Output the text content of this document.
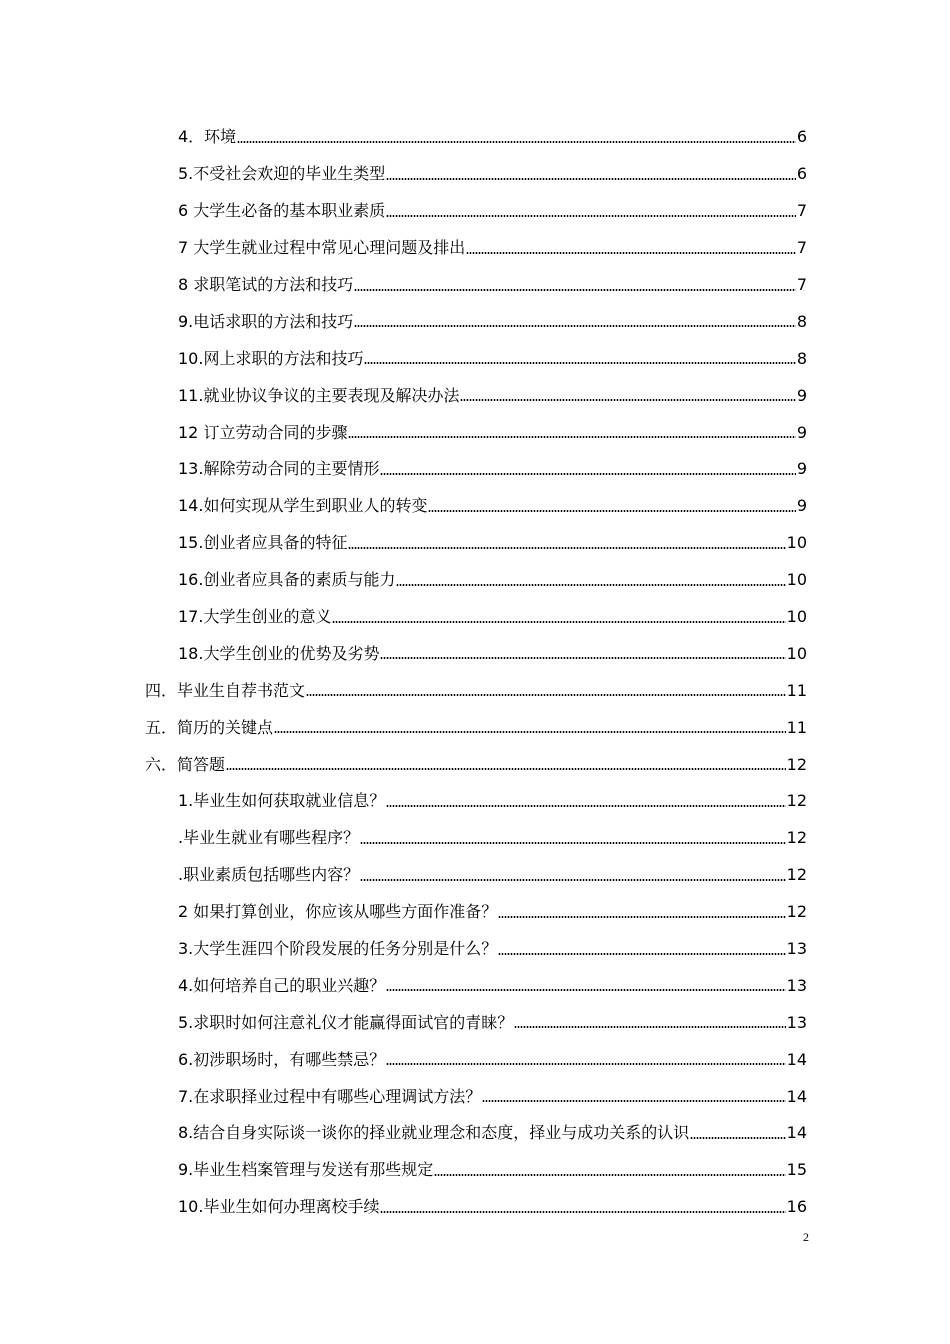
4．环境	6
5.不受社会欢迎的毕业生类型	6
6 大学生必备的基本职业素质	7
7 大学生就业过程中常见心理问题及排出	7
8 求职笔试的方法和技巧	7
9.电话求职的方法和技巧	8
10.网上求职的方法和技巧	8
11.就业协议争议的主要表现及解决办法	9
12 订立劳动合同的步骤	9
13.解除劳动合同的主要情形	9
14.如何实现从学生到职业人的转变	9
15.创业者应具备的特征	10
16.创业者应具备的素质与能力	10
17.大学生创业的意义	10
18.大学生创业的优势及劣势	10
四．毕业生自荐书范文	11
五．简历的关键点	11
六．简答题	12
1.毕业生如何获取就业信息？	12
.毕业生就业有哪些程序？	12
.职业素质包括哪些内容？	12
2 如果打算创业，你应该从哪些方面作准备？	12
3.大学生涯四个阶段发展的任务分别是什么？	13
4.如何培养自己的职业兴趣？	13
5.求职时如何注意礼仪才能赢得面试官的青睐？	13
6.初涉职场时，有哪些禁忌？	14
7.在求职择业过程中有哪些心理调试方法？	14
8.结合自身实际谈一谈你的择业就业理念和态度，择业与成功关系的认识	14
9.毕业生档案管理与发送有那些规定	15
10.毕业生如何办理离校手续	16
2
